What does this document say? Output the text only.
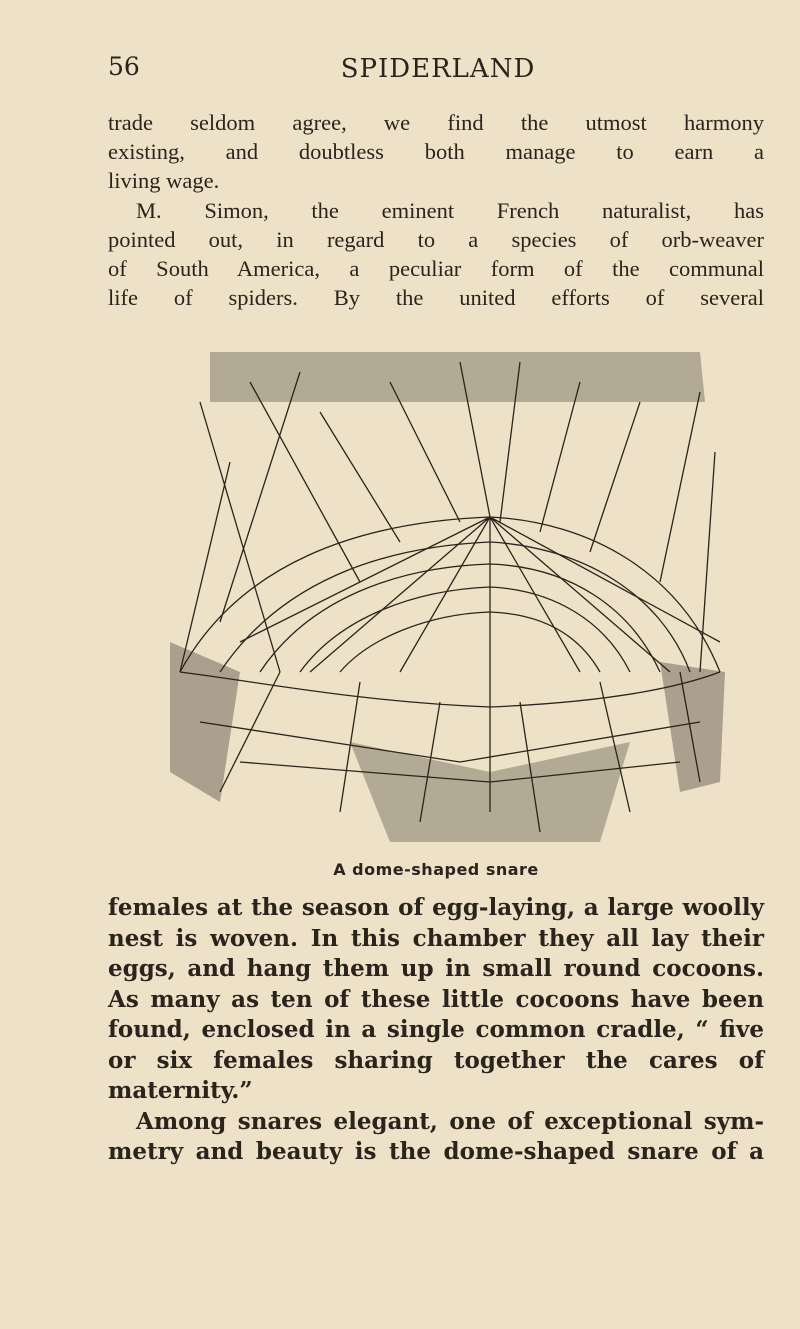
56	SPIDERLAND

trade seldom agree, we find the utmost harmony
existing, and doubtless both manage to earn a
living wage.

M. Simon, the eminent French naturalist, has
pointed out, in regard to a species of orb-weaver
of South America, a peculiar form of the communal
life of spiders. By the united efforts of several

A dome-shaped snare

females at the season of egg-laying, a large woolly
nest is woven. In this chamber they all lay their
eggs, and hang them up in small round cocoons.
As many as ten of these little cocoons have been
found, enclosed in a single common cradle, “ five
or six females sharing together the cares of
maternity.”

Among snares elegant, one of exceptional sym-
metry and beauty is the dome-shaped snare of a
